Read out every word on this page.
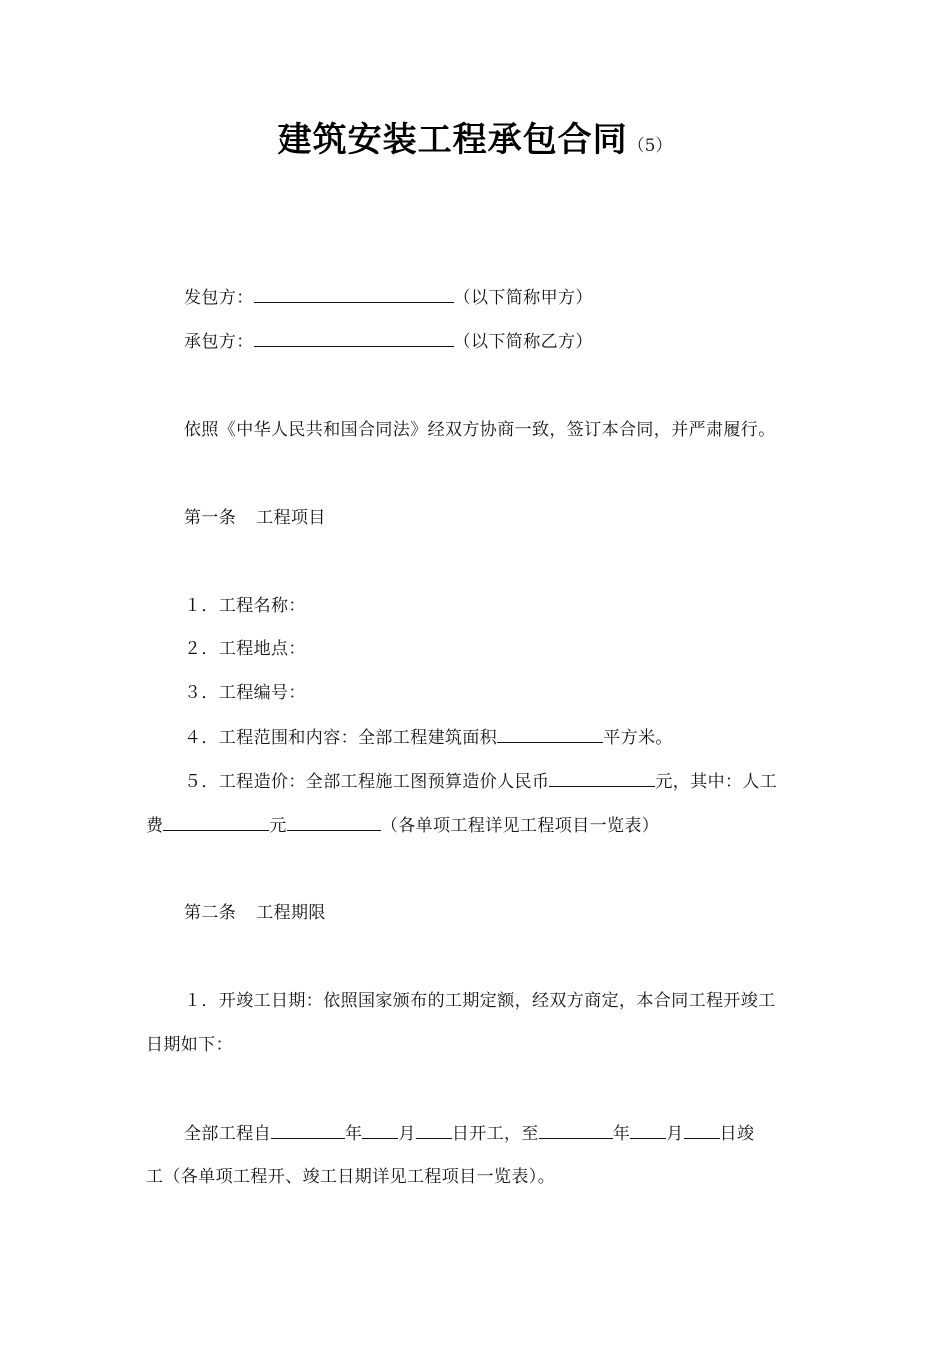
建筑安装工程承包合同（5）
发包方：	（以下简称甲方）
承包方：	（以下简称乙方）
依照《中华人民共和国合同法》经双方协商一致，签订本合同，并严肃履行。
第一条 工程项目
１．工程名称：
２．工程地点：
３．工程编号：
４．工程范围和内容：全部工程建筑面积	平方米。
５．工程造价：全部工程施工图预算造价人民币	元，其中：人工
费	元	（各单项工程详见工程项目一览表）
第二条 工程期限
１．开竣工日期：依照国家颁布的工期定额，经双方商定，本合同工程开竣工
日期如下：
全部工程自	年 月 日开工，至	年 月 日竣
工（各单项工程开、竣工日期详见工程项目一览表）。
